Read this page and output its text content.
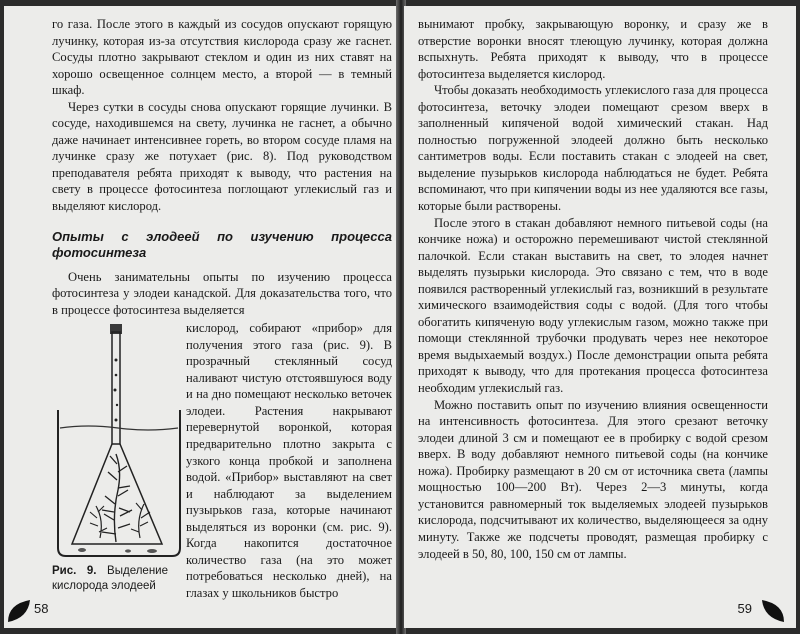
го газа. После этого в каждый из сосудов опускают горящую лучинку, которая из-за отсутствия кислорода сразу же гаснет. Сосуды плотно закрывают стеклом и один из них ставят на хорошо освещенное солнцем место, а второй — в темный шкаф.

Через сутки в сосуды снова опускают горящие лучинки. В сосуде, находившемся на свету, лучинка не гаснет, а обычно даже начинает интенсивнее гореть, во втором сосуде пламя на лучинке сразу же потухает (рис. 8). Под руководством преподавателя ребята приходят к выводу, что растения на свету в процессе фотосинтеза поглощают углекислый газ и выделяют кислород.

Опыты с элодеей по изучению процесса фотосинтеза

Очень занимательны опыты по изучению процесса фотосинтеза у элодеи канадской. Для доказательства того, что в процессе фотосинтеза выделяется

Рис. 9. Выделение кислорода элодеей
кислород, собирают «прибор» для получения этого газа (рис. 9). В прозрачный стеклянный сосуд наливают чистую отстоявшуюся воду и на дно помещают несколько веточек элодеи. Растения накрывают перевернутой воронкой, которая предварительно плотно закрыта с узкого конца пробкой и заполнена водой. «Прибор» выставляют на свет и наблюдают за выделением пузырьков газа, которые начинают выделяться из воронки (см. рис. 9). Когда накопится достаточное количество газа (на это может потребоваться несколько дней), на глазах у школьников быстро
58

вынимают пробку, закрывающую воронку, и сразу же в отверстие воронки вносят тлеющую лучинку, которая должна вспыхнуть. Ребята приходят к выводу, что в процессе фотосинтеза выделяется кислород.

Чтобы доказать необходимость углекислого газа для процесса фотосинтеза, веточку элодеи помещают срезом вверх в заполненный кипяченой водой химический стакан. Над полностью погруженной элодеей должно быть несколько сантиметров воды. Если поставить стакан с элодеей на свет, выделение пузырьков кислорода наблюдаться не будет. Ребята вспоминают, что при кипячении воды из нее удаляются все газы, которые были растворены.

После этого в стакан добавляют немного питьевой соды (на кончике ножа) и осторожно перемешивают чистой стеклянной палочкой. Если стакан выставить на свет, то элодея начнет выделять пузырьки кислорода. Это связано с тем, что в воде появился растворенный углекислый газ, возникший в результате химического взаимодействия соды с водой. (Для того чтобы обогатить кипяченую воду углекислым газом, можно также при помощи стеклянной трубочки продувать через нее некоторое время выдыхаемый воздух.) После демонстрации опыта ребята приходят к выводу, что для протекания процесса фотосинтеза необходим углекислый газ.

Можно поставить опыт по изучению влияния освещенности на интенсивность фотосинтеза. Для этого срезают веточку элодеи длиной 3 см и помещают ее в пробирку с водой срезом вверх. В воду добавляют немного питьевой соды (на кончике ножа). Пробирку размещают в 20 см от источника света (лампы мощностью 100—200 Вт). Через 2—3 минуты, когда установится равномерный ток выделяемых элодеей пузырьков кислорода, подсчитывают их количество, выделяющееся за одну минуту. Также же подсчеты проводят, размещая пробирку с элодеей в 50, 80, 100, 150 см от лампы.

59
